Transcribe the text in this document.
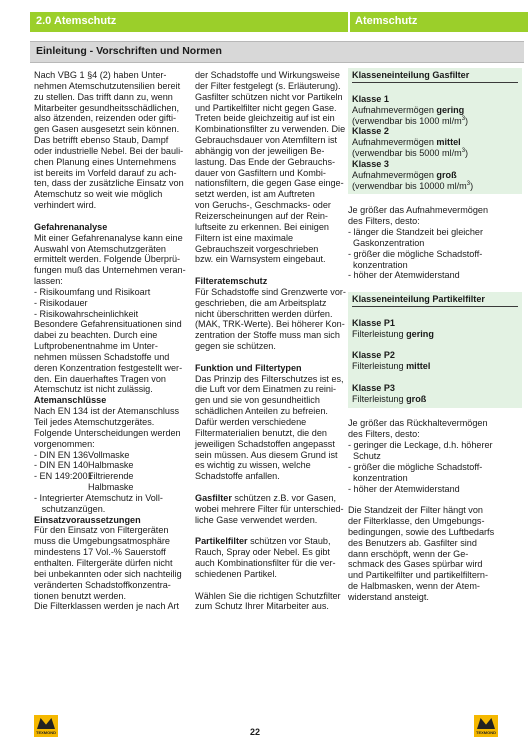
2.0 Atemschutz	Atemschutz
Einleitung - Vorschriften und Normen
Nach VBG 1 §4 (2) haben Unter-
nehmen Atemschutzutensilien bereit
zu stellen. Das trifft dann zu, wenn
Mitarbeiter gesundheitsschädlichen,
also ätzenden, reizenden oder gifti-
gen Gasen ausgesetzt sein können.
Das betrifft ebenso Staub, Dampf
oder industrielle Nebel. Bei der bauli-
chen Planung eines Unternehmens
ist bereits im Vorfeld darauf zu ach-
ten, dass der zusätzliche Einsatz von
Atemschutz so weit wie möglich
verhindert wird.
Gefahrenanalyse
Mit einer Gefahrenanalyse kann eine
Auswahl von Atemschutzgeräten
ermittelt werden. Folgende Überprü-
fungen muß das Unternehmen veran-
lassen:
- Risikoumfang und Risikoart
- Risikodauer
- Risikowahrscheinlichkeit
Besondere Gefahrensituationen sind
dabei zu beachten. Durch eine
Luftprobenentnahme im Unter-
nehmen müssen Schadstoffe und
deren Konzentration festgestellt wer-
den. Ein dauerhaftes Tragen von
Atemschutz ist nicht zulässig.
Atemanschlüsse
Nach EN 134 ist der Atemanschluss
Teil jedes Atemschutzgerätes.
Folgende Unterscheidungen werden
vorgenommen:
- DIN EN 136 Vollmaske
- DIN EN 140 Halbmaske
- EN 149:2001
Filtrierende
Halbmaske
- Integrierter Atemschutz in Voll-
schutzanzügen.
Einsatzvoraussetzungen
Für den Einsatz von Filtergeräten
muss die Umgebungsatmosphäre
mindestens 17 Vol.-% Sauerstoff
enthalten. Filtergeräte dürfen nicht
bei unbekannten oder sich nachteilig
veränderten Schadstoffkonzentra-
tionen benutzt werden.
Die Filterklassen werden je nach Art
der Schadstoffe und Wirkungsweise
der Filter festgelegt (s. Erläuterung).
Gasfilter schützen nicht vor Partikeln
und Partikelfilter nicht gegen Gase.
Treten beide gleichzeitig auf ist ein
Kombinationsfilter zu verwenden. Die
Gebrauchsdauer von Atemfiltern ist
abhängig von der jeweiligen Be-
lastung. Das Ende der Gebrauchs-
dauer von Gasfiltern und Kombi-
nationsfiltern, die gegen Gase einge-
setzt werden, ist am Auftreten
von Geruchs-, Geschmacks- oder
Reizerscheinungen auf der Rein-
luftseite zu erkennen. Bei einigen
Filtern ist eine maximale
Gebrauchszeit vorgeschrieben
bzw. ein Warnsystem eingebaut.
Filteratemschutz
Für Schadstoffe sind Grenzwerte vor-
geschrieben, die am Arbeitsplatz
nicht überschritten werden dürfen.
(MAK, TRK-Werte). Bei höherer Kon-
zentration der Stoffe muss man sich
gegen sie schützen.
Funktion und Filtertypen
Das Prinzip des Filterschutzes ist es,
die Luft vor dem Einatmen zu reini-
gen und sie von gesundheitlich
schädlichen Anteilen zu befreien.
Dafür werden verschiedene
Filtermaterialien benutzt, die den
jeweiligen Schadstoffen angepasst
sein müssen. Aus diesem Grund ist
es wichtig zu wissen, welche
Schadstoffe anfallen.
Gasfilter schützen z.B. vor Gasen,
wobei mehrere Filter für unterschied-
liche Gase verwendet werden.
Partikelfilter schützen vor Staub,
Rauch, Spray oder Nebel. Es gibt
auch Kombinationsfilter für die ver-
schiedenen Partikel.
Wählen Sie die richtigen Schutzfilter
zum Schutz Ihrer Mitarbeiter aus.
Klasseneinteilung Gasfilter
Klasse 1
Aufnahmevermögen gering
(verwendbar bis 1000 $ml/m^3$)
Klasse 2
Aufnahmevermögen mittel
(verwendbar bis 5000 $ml/m^3$)
Klasse 3
Aufnahmevermögen groß
(verwendbar bis 10000 $ml/m^3$)
Je größer das Aufnahmevermögen
des Filters, desto:
- länger die Standzeit bei gleicher
Gaskonzentration
- größer die mögliche Schadstoff-
konzentration
- höher der Atemwiderstand
Klasseneinteilung Partikelfilter
Klasse P1
Filterleistung gering
Klasse P2
Filterleistung mittel
Klasse P3
Filterleistung groß
Je größer das Rückhaltevermögen
des Filters, desto:
- geringer die Leckage, d.h. höherer
Schutz
- größer die mögliche Schadstoff-
konzentration
- höher der Atemwiderstand
Die Standzeit der Filter hängt von
der Filterklasse, den Umgebungs-
bedingungen, sowie des Luftbedarfs
des Benutzers ab. Gasfilter sind
dann erschöpft, wenn der Ge-
schmack des Gases spürbar wird
und Partikelfilter und partikelfiltern-
de Halbmasken, wenn der Atem-
widerstand ansteigt.
TEXMOND	22	TEXMOND
